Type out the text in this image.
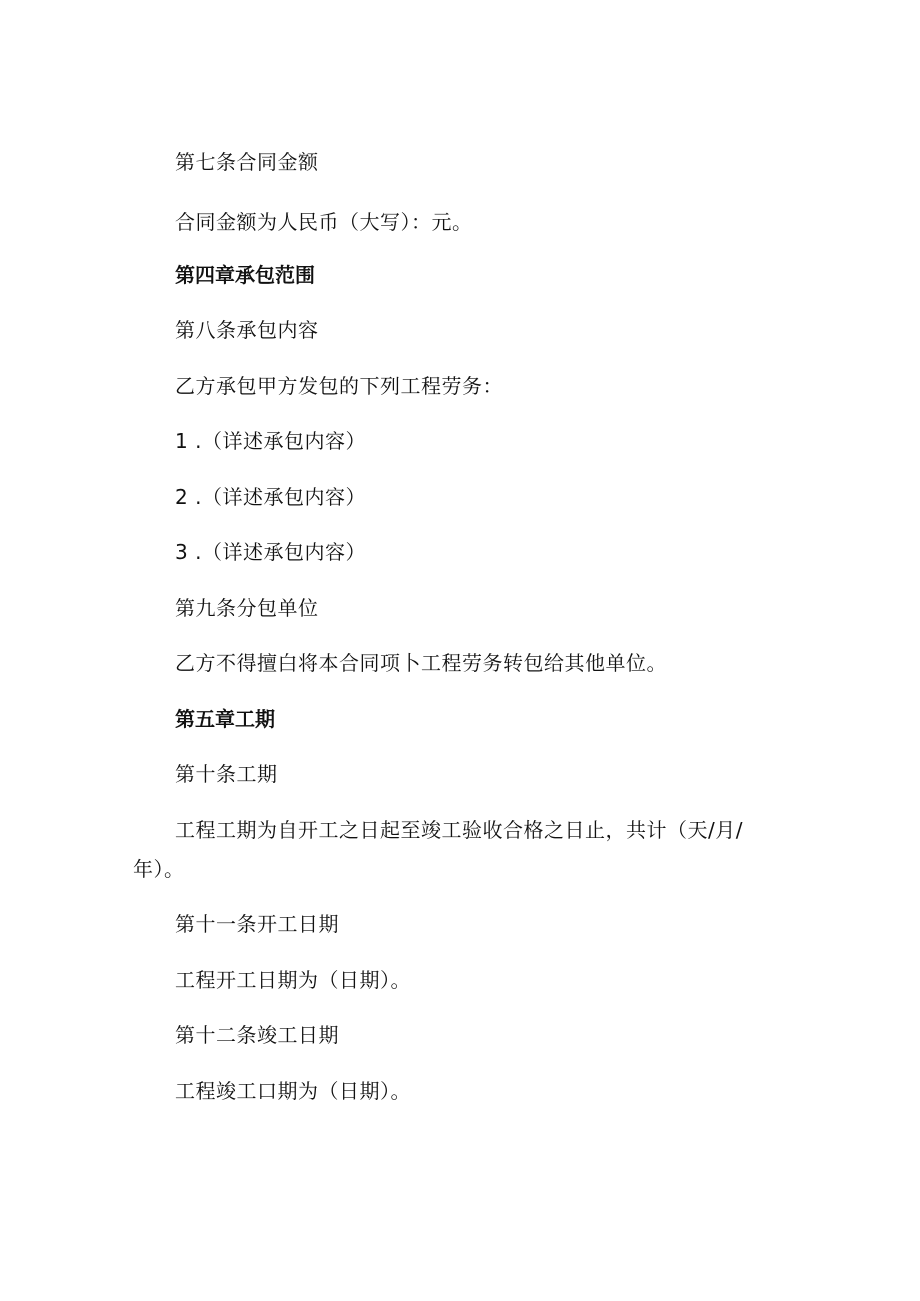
第七条合同金额
合同金额为人民币（大写）：元。
第四章承包范围
第八条承包内容
乙方承包甲方发包的下列工程劳务：
1 .（详述承包内容）
2 .（详述承包内容）
3 .（详述承包内容）
第九条分包单位
乙方不得擅白将本合同项卜工程劳务转包给其他单位。
第五章工期
第十条工期
工程工期为自开工之日起至竣工验收合格之日止，共计（天/月/
年）。
第十一条开工日期
工程开工日期为（日期）。
第十二条竣工日期
工程竣工口期为（日期）。
